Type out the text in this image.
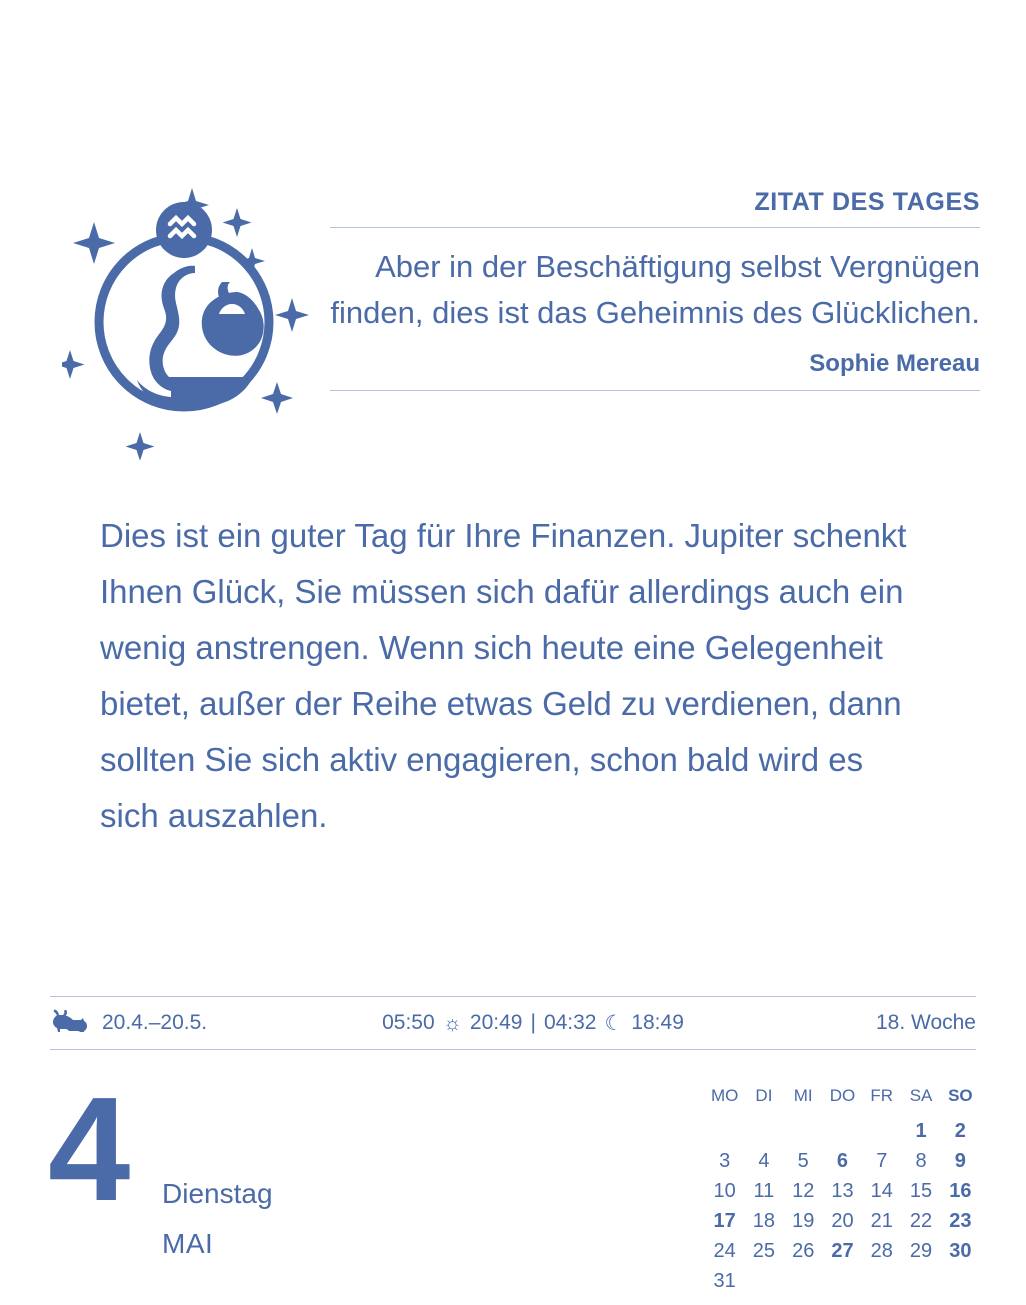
ZITAT DES TAGES
Aber in der Beschäftigung selbst Vergnügen finden, dies ist das Geheimnis des Glücklichen.
Sophie Mereau

Dies ist ein guter Tag für Ihre Finanzen. Jupiter schenkt Ihnen Glück, Sie müssen sich dafür allerdings auch ein wenig anstrengen. Wenn sich heute eine Gelegenheit bietet, außer der Reihe etwas Geld zu verdienen, dann sollten Sie sich aktiv engagieren, schon bald wird es sich auszahlen.

20.4.–20.5.	05:50 ☼ 20:49 | 04:32 ☾ 18:49	18. Woche
4 Dienstag
MAI
MO	DI	MI	DO	FR	SA	SO
					1	2
3	4	5	6	7	8	9
10	11	12	13	14	15	16
17	18	19	20	21	22	23
24	25	26	27	28	29	30
31						
